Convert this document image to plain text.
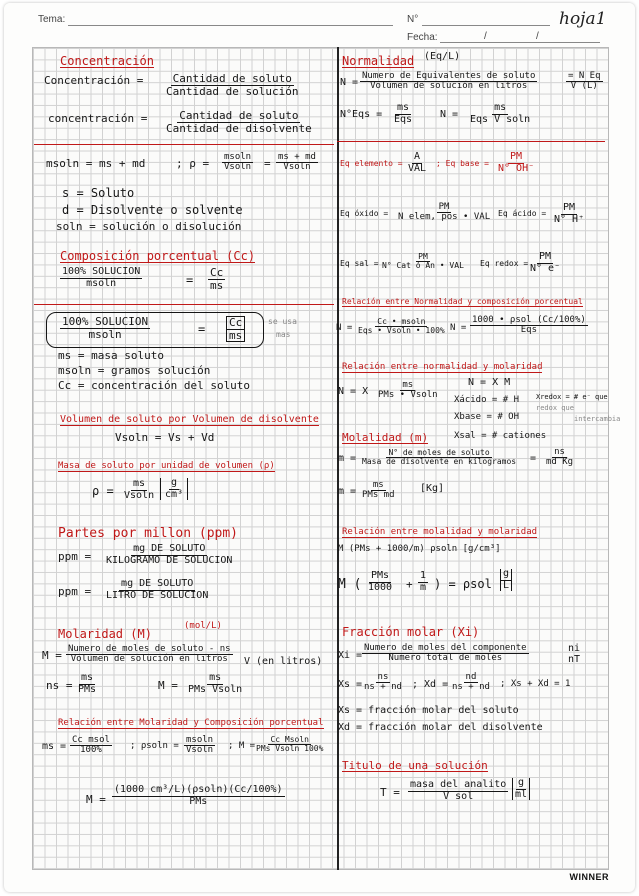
Tema:	N°	hoja1
Fecha:	/	/
WINNER
Concentración
Concentración =	Cantidad de soluto
Cantidad de solución
concentración =	Cantidad de soluto
Cantidad de disolvente
msoln = ms + md	; ρ = msoln
Vsoln = ms + md
Vsoln
s = Soluto
d = Disolvente o solvente
soln = solución o disolución
Composición porcentual (Cc)
100% SOLUCION
msoln	= $\frac{Cc}{ms}$
100% SOLUCION
msoln	= $\frac{Cc}{ms}$	se usa
mas
ms = masa soluto
msoln = gramos solución
Cc = concentración del soluto
Volumen de soluto por Volumen de disolvente
Vsoln = Vs + Vd
Masa de soluto por unidad de volumen (ρ)
ρ =
ms
Vsoln $\frac{g}{\text{cm³}}$
Partes por millon (ppm)
ppm =
mg DE SOLUTO
KILOGRAMO DE SOLUCION
ppm =
mg DE SOLUTO
LITRO DE SOLUCION
Molaridad (M)
(mol/L)
M = Numero de moles de soluto - ns
Volumen de solución en litros V (en litros)
ns =
ms
PMs	M =
ms
PMs Vsoln
Relación entre Molaridad y Composición porcentual
ms =
Cc msol
100%	; ρsoln =
msoln
Vsoln ; M =
Cc Msoln
PMs Vsoln 100%
M =
(1000 cm³/L)(ρsoln)(Cc/100%)
PMs
Normalidad (Eq/L)
N =
Numero de Equivalentes de soluto
Volumen de solución en litros	$\frac{\text{= N Eq}}{V (L)}$
N°Eqs =
ms
Eqs	N =
ms
Eqs V soln
Eq elemento =
A
VAL ; Eq base = $\frac{PM}{N^\circ OH^-}$
Eq óxido =
PM
N elem, pos • VAL Eq ácido = $\frac{PM}{N^\circ H^+}$
Eq sal =
PM
N° Cat ó An • VAL Eq redox = $\frac{PM}{N^\circ e^-}$
Relación entre Normalidad y composición porcentual
N =
Cc • msoln
Eqs • Vsoln • 100% N =
1000 • ρsol (Cc/100%)
Eqs
Relación entre normalidad y molaridad
N = X
ms
PMs • Vsoln
N = X M
Xácido = # H
Xbase = # OH
Xsal = # cationes
Xredox = # e⁻ que
redox que
intercambia
Molalidad (m)
m =
N° de moles de soluto
Masa de disolvente en kilogramos = $\frac{ns}{\text{md Kg}}$
m =
ms
PMs md
[Kg]
Relación entre molalidad y molaridad
M (PMs + 1000/m) ρsoln [g/cm³]
M (
PMs
$1000 + \frac{1}{m}$ ) = ρsol $\frac{g}{L}$
Fracción molar (Xi)
Xi =
Numero de moles del componente
Numero total de moles
ni
nT
$Xs = \frac{ns}{ns + nd}$ ; $Xd = \frac{nd}{ns + nd}$ ; Xs + Xd = 1
Xs = fracción molar del soluto
Xd = fracción molar del disolvente
Titulo de una solución
T =
masa del analito
V sol	$\frac{g}{ml}$
